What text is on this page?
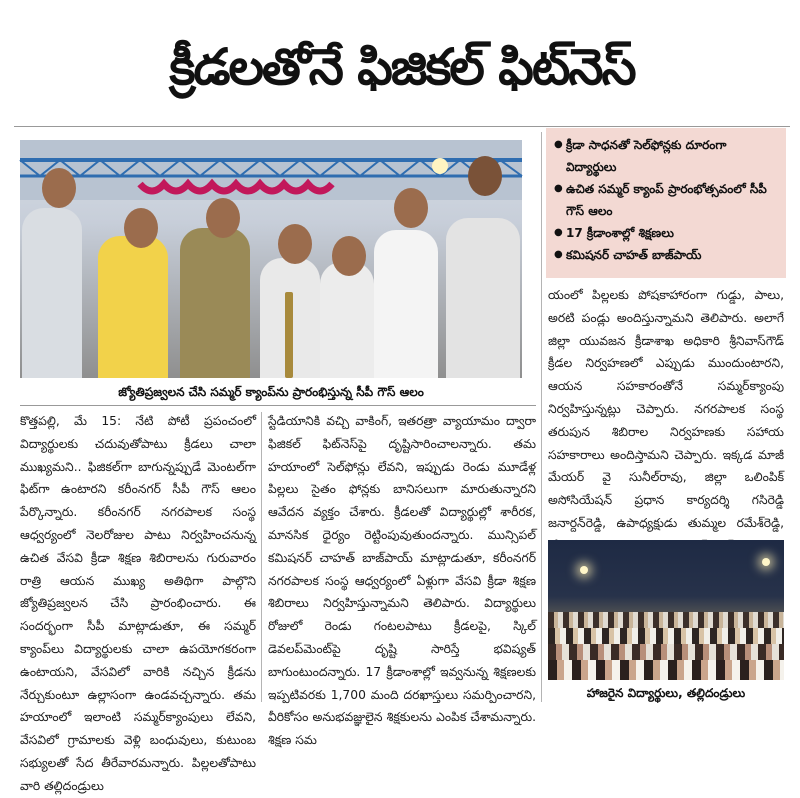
క్రీడలతోనే ఫిజికల్ ఫిట్‌నెస్
జ్యోతిప్రజ్వలన చేసి సమ్మర్ క్యాంప్‌ను ప్రారంభిస్తున్న సీపీ గౌస్ ఆలం
● క్రీడా సాధనతో సెల్‌ఫోన్లకు దూరంగా విద్యార్థులు
● ఉచిత సమ్మర్ క్యాంప్ ప్రారంభోత్సవంలో సీపీ గౌస్ ఆలం
● 17 క్రీడాంశాల్లో శిక్షణలు
● కమిషనర్ చాహత్ బాజ్‌పాయ్

కొత్తపల్లి, మే 15: నేటి పోటీ ప్రపంచంలో విద్యార్థులకు చదువుతోపాటు క్రీడలు చాలా ముఖ్యమని.. ఫిజికల్‌గా బాగున్నప్పుడే మెంటల్‌గా ఫిట్‌గా ఉంటారని కరీంనగర్ సీపీ గౌస్ ఆలం పేర్కొన్నారు. కరీంనగర్ నగరపాలక సంస్థ ఆధ్వర్యంలో నెలరోజుల పాటు నిర్వహించనున్న ఉచిత వేసవి క్రీడా శిక్షణ శిబిరాలను గురువారం రాత్రి ఆయన ముఖ్య అతిథిగా పాల్గొని జ్యోతిప్రజ్వలన చేసి ప్రారంభించారు. ఈ సందర్భంగా సీపీ మాట్లాడుతూ, ఈ సమ్మర్ క్యాంప్‌లు విద్యార్థులకు చాలా ఉపయోగకరంగా ఉంటాయని, వేసవిలో వారికి నచ్చిన క్రీడను నేర్చుకుంటూ ఉల్లాసంగా ఉండవచ్చన్నారు. తమ హయాంలో ఇలాంటి సమ్మర్‌క్యాంపులు లేవని, వేసవిలో గ్రామాలకు వెళ్లి బంధువులు, కుటుంబ సభ్యులతో సేద తీరేవారమన్నారు. పిల్లలతోపాటు వారి తల్లిదండ్రులు

స్టేడియానికి వచ్చి వాకింగ్, ఇతరత్రా వ్యాయామం ద్వారా ఫిజికల్ ఫిట్‌నెస్‌పై దృష్టిసారించాలన్నారు. తమ హయాంలో సెల్‌ఫోన్లు లేవని, ఇప్పుడు రెండు మూడేళ్ల పిల్లలు సైతం ఫోన్లకు బానిసలుగా మారుతున్నారని ఆవేదన వ్యక్తం చేశారు. క్రీడలతో విద్యార్థుల్లో శారీరక, మానసిక ధైర్యం రెట్టింపువుతుందన్నారు. మున్సిపల్ కమిషనర్ చాహత్ బాజ్‌పాయ్ మాట్లాడుతూ, కరీంనగర్ నగరపాలక సంస్థ ఆధ్వర్యంలో ఏళ్లుగా వేసవి క్రీడా శిక్షణ శిబిరాలు నిర్వహిస్తున్నామని తెలిపారు. విద్యార్థులు రోజులో రెండు గంటలపాటు క్రీడలపై, స్కిల్ డెవలప్‌మెంట్‌పై దృష్టి సారిస్తే భవిష్యత్ బాగుంటుందన్నారు. 17 క్రీడాంశాల్లో ఇవ్వనున్న శిక్షణలకు ఇప్పటివరకు 1,700 మంది దరఖాస్తులు సమర్పించారని, వీరికోసం అనుభవజ్ఞులైన శిక్షకులను ఎంపిక చేశామన్నారు. శిక్షణ సమ

యంలో పిల్లలకు పోషకాహారంగా గుడ్డు, పాలు, అరటి పండ్లు అందిస్తున్నామని తెలిపారు. అలాగే జిల్లా యువజన క్రీడాశాఖ అధికారి శ్రీనివాస్‌గౌడ్ క్రీడల నిర్వహణలో ఎప్పుడు ముందుంటారని, ఆయన సహకారంతోనే సమ్మర్‌క్యాంపు నిర్వహిస్తున్నట్లు చెప్పారు. నగరపాలక సంస్థ తరుపున శిబిరాల నిర్వహణకు సహాయ సహకారాలు అందిస్తామని చెప్పారు. ఇక్కడ మాజీ మేయర్ వై సునీల్‌రావు, జిల్లా ఒలింపిక్ అసోసియేషన్ ప్రధాన కార్యదర్శి గసిరెడ్డి జనార్దన్‌రెడ్డి, ఉపాధ్యక్షుడు తుమ్మల రమేశ్‌రెడ్డి,

హాజరైన విద్యార్థులు, తల్లిదండ్రులు
